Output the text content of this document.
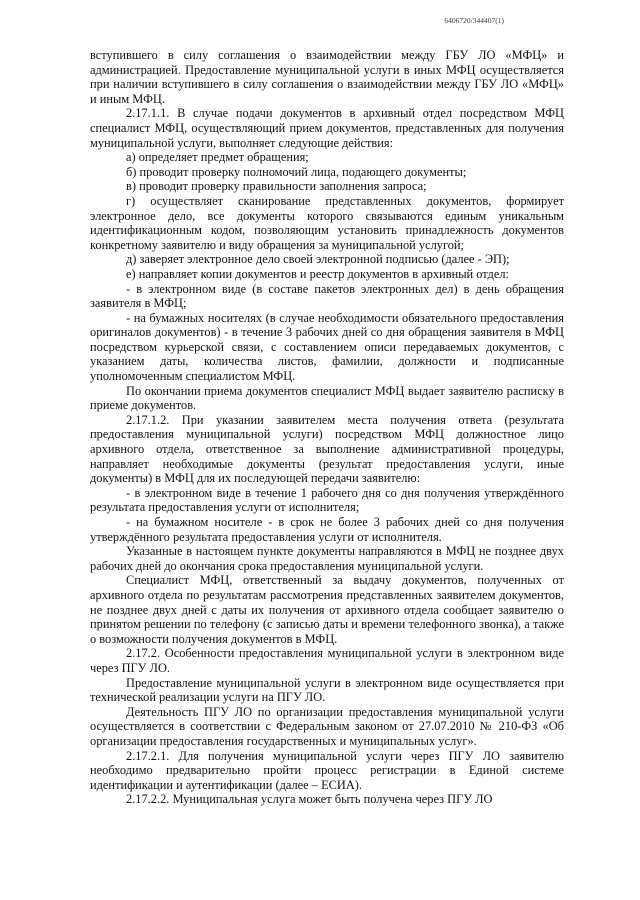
6406720/344407(1)

вступившего в силу соглашения о взаимодействии между ГБУ ЛО «МФЦ» и администрацией. Предоставление муниципальной услуги в иных МФЦ осуществляется при наличии вступившего в силу соглашения о взаимодействии между ГБУ ЛО «МФЦ» и иным МФЦ.

2.17.1.1. В случае подачи документов в архивный отдел посредством МФЦ специалист МФЦ, осуществляющий прием документов, представленных для получения муниципальной услуги, выполняет следующие действия:

а) определяет предмет обращения;

б) проводит проверку полномочий лица, подающего документы;

в) проводит проверку правильности заполнения запроса;

г) осуществляет сканирование представленных документов, формирует электронное дело, все документы которого связываются единым уникальным идентификационным кодом, позволяющим установить принадлежность документов конкретному заявителю и виду обращения за муниципальной услугой;

д) заверяет электронное дело своей электронной подписью (далее - ЭП);

е) направляет копии документов и реестр документов в архивный отдел:

- в электронном виде (в составе пакетов электронных дел) в день обращения заявителя в МФЦ;

- на бумажных носителях (в случае необходимости обязательного предоставления оригиналов документов) - в течение 3 рабочих дней со дня обращения заявителя в МФЦ посредством курьерской связи, с составлением описи передаваемых документов, с указанием даты, количества листов, фамилии, должности и подписанные уполномоченным специалистом МФЦ.

По окончании приема документов специалист МФЦ выдает заявителю расписку в приеме документов.

2.17.1.2. При указании заявителем места получения ответа (результата предоставления муниципальной услуги) посредством МФЦ должностное лицо архивного отдела, ответственное за выполнение административной процедуры, направляет необходимые документы (результат предоставления услуги, иные документы) в МФЦ для их последующей передачи заявителю:

- в электронном виде в течение 1 рабочего дня со дня получения утверждённого результата предоставления услуги от исполнителя;

- на бумажном носителе - в срок не более 3 рабочих дней со дня получения утверждённого результата предоставления услуги от исполнителя.

Указанные в настоящем пункте документы направляются в МФЦ не позднее двух рабочих дней до окончания срока предоставления муниципальной услуги.

Специалист МФЦ, ответственный за выдачу документов, полученных от архивного отдела по результатам рассмотрения представленных заявителем документов, не позднее двух дней с даты их получения от архивного отдела сообщает заявителю о принятом решении по телефону (с записью даты и времени телефонного звонка), а также о возможности получения документов в МФЦ.

2.17.2. Особенности предоставления муниципальной услуги в электронном виде через ПГУ ЛО.

Предоставление муниципальной услуги в электронном виде осуществляется при технической реализации услуги на ПГУ ЛО.

Деятельность ПГУ ЛО по организации предоставления муниципальной услуги осуществляется в соответствии с Федеральным законом от 27.07.2010 № 210-ФЗ «Об организации предоставления государственных и муниципальных услуг».

2.17.2.1. Для получения муниципальной услуги через ПГУ ЛО заявителю необходимо предварительно пройти процесс регистрации в Единой системе идентификации и аутентификации (далее – ЕСИА).

2.17.2.2. Муниципальная услуга может быть получена через ПГУ ЛО
